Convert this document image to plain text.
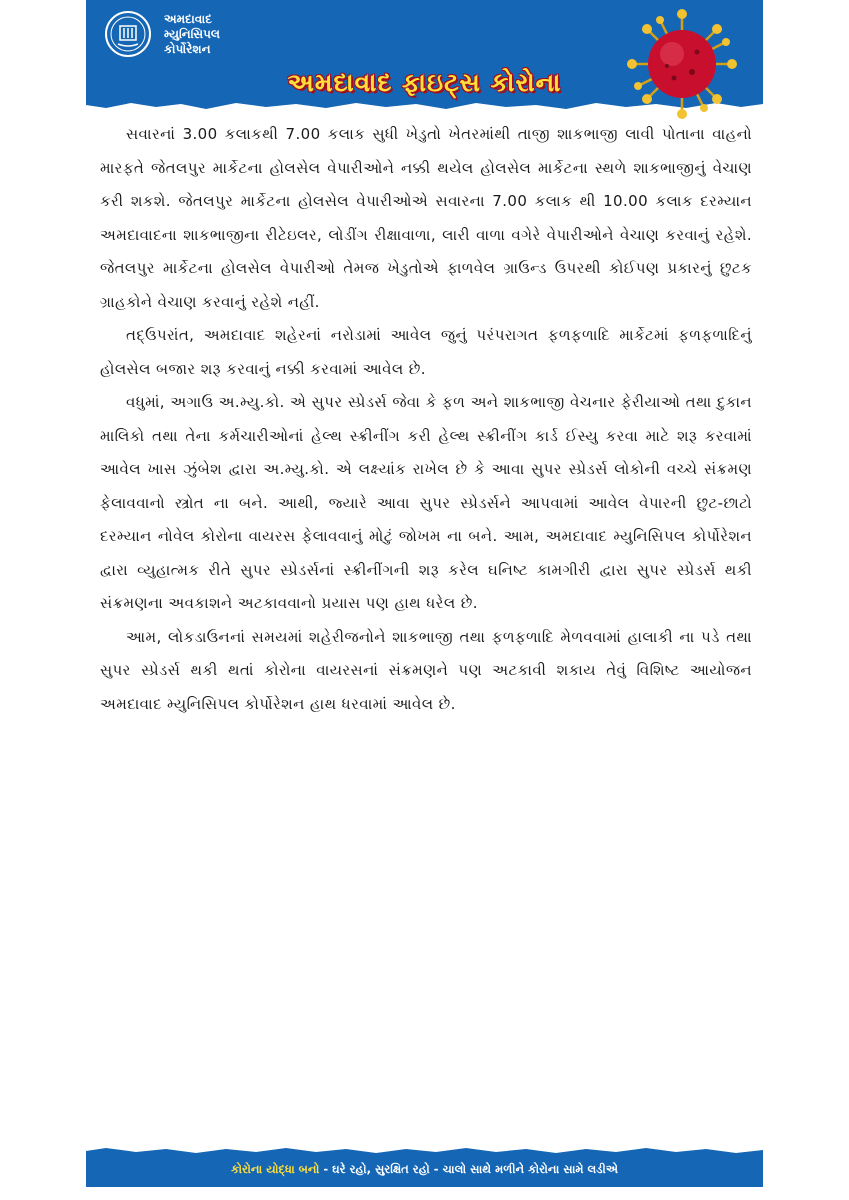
અમદાવાદ
મ્યુનિસિપલ
કોર્પોરેશન
અમદાવાદ ફાઇટ્સ કોરોના

સવારનાં 3.00 કલાકથી 7.00 કલાક સુધી ખેડુતો ખેતરમાંથી તાજી શાકભાજી લાવી પોતાના વાહનો મારફતે જેતલપુર માર્કેટના હોલસેલ વેપારીઓને નક્કી થયેલ હોલસેલ માર્કેટના સ્થળે શાકભાજીનું વેચાણ કરી શકશે. જેતલપુર માર્કેટના હોલસેલ વેપારીઓએ સવારના 7.00 કલાક થી 10.00 કલાક દરમ્યાન અમદાવાદના શાકભાજીના રીટેઇલર, લોડીંગ રીક્ષાવાળા, લારી વાળા વગેરે વેપારીઓને વેચાણ કરવાનું રહેશે. જેતલપુર માર્કેટના હોલસેલ વેપારીઓ તેમજ ખેડુતોએ ફાળવેલ ગ્રાઉન્ડ ઉપરથી કોઈપણ પ્રકારનું છુટક ગ્રાહકોને વેચાણ કરવાનું રહેશે નહીં.

તદ્ઉપરાંત, અમદાવાદ શહેરનાં નરોડામાં આવેલ જુનું પરંપરાગત ફળફળાદિ માર્કેટમાં ફળફળાદિનું હોલસેલ બજાર શરૂ કરવાનું નક્કી કરવામાં આવેલ છે.

વધુમાં, અગાઉ અ.મ્યુ.કો. એ સુપર સ્પ્રેડર્સ જેવા કે ફળ અને શાકભાજી વેચનાર ફેરીયાઓ તથા દુકાન માલિકો તથા તેના કર્મચારીઓનાં હેલ્થ સ્ક્રીનીંગ કરી હેલ્થ સ્ક્રીનીંગ કાર્ડ ઈસ્યુ કરવા માટે શરૂ કરવામાં આવેલ ખાસ ઝુંબેશ દ્વારા અ.મ્યુ.કો. એ લક્ષ્યાંક રાખેલ છે કે આવા સુપર સ્પ્રેડર્સ લોકોની વચ્ચે સંક્રમણ ફેલાવવાનો સ્ત્રોત ના બને. આથી, જ્યારે આવા સુપર સ્પ્રેડર્સને આપવામાં આવેલ વેપારની છુટ-છાટો દરમ્યાન નોવેલ કોરોના વાયરસ ફેલાવવાનું મોટું જોખમ ના બને. આમ, અમદાવાદ મ્યુનિસિપલ કોર્પોરેશન દ્વારા વ્યુહાત્મક રીતે સુપર સ્પ્રેડર્સનાં સ્ક્રીનીંગની શરૂ કરેલ ઘનિષ્ટ કામગીરી દ્વારા સુપર સ્પ્રેડર્સ થકી સંક્રમણના અવકાશને અટકાવવાનો પ્રયાસ પણ હાથ ધરેલ છે.

આમ, લોકડાઉનનાં સમયમાં શહેરીજનોને શાકભાજી તથા ફળફળાદિ મેળવવામાં હાલાકી ના પડે તથા સુપર સ્પ્રેડર્સ થકી થતાં કોરોના વાયરસનાં સંક્રમણને પણ અટકાવી શકાય તેવું વિશિષ્ટ આયોજન અમદાવાદ મ્યુનિસિપલ કોર્પોરેશન હાથ ધરવામાં આવેલ છે.

કોરોના યોદ્ધા બનો - ઘરે રહો, સુરક્ષિત રહો - ચાલો સાથે મળીને કોરોના સામે લડીએ
